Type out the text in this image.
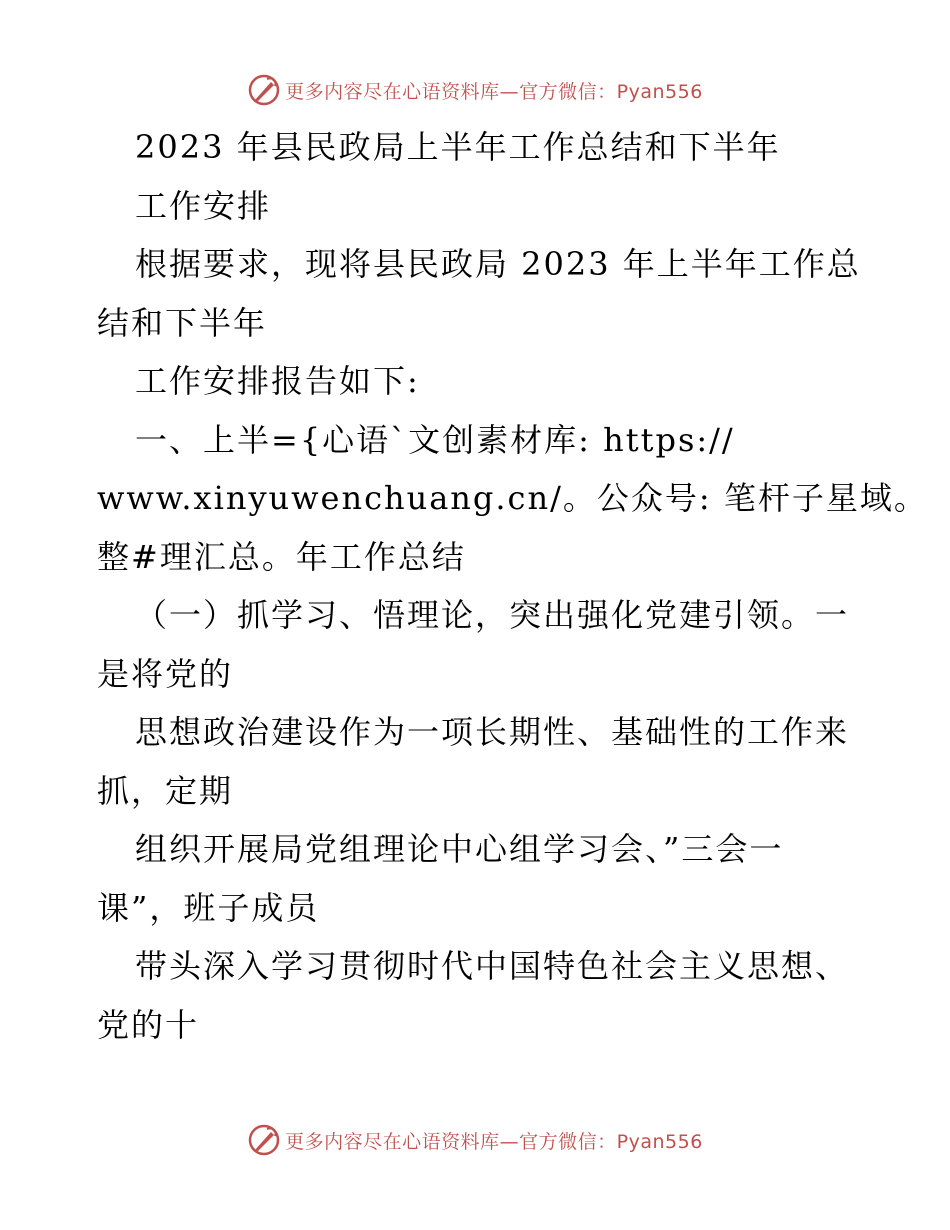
更多内容尽在心语资料库—官方微信：Pyan556
2023 年县民政局上半年工作总结和下半年
工作安排
根据要求，现将县民政局 2023 年上半年工作总
结和下半年
工作安排报告如下:
一、上半={心语`文创素材库: https://
www.xinyuwenchuang.cn/。公众号: 笔杆子星域。
整#理汇总。年工作总结
（一）抓学习、悟理论，突出强化党建引领。一
是将党的
思想政治建设作为一项长期性、基础性的工作来
抓，定期
组织开展局党组理论中心组学习会、”三会一
课”，班子成员
带头深入学习贯彻时代中国特色社会主义思想、
党的十
更多内容尽在心语资料库—官方微信：Pyan556
